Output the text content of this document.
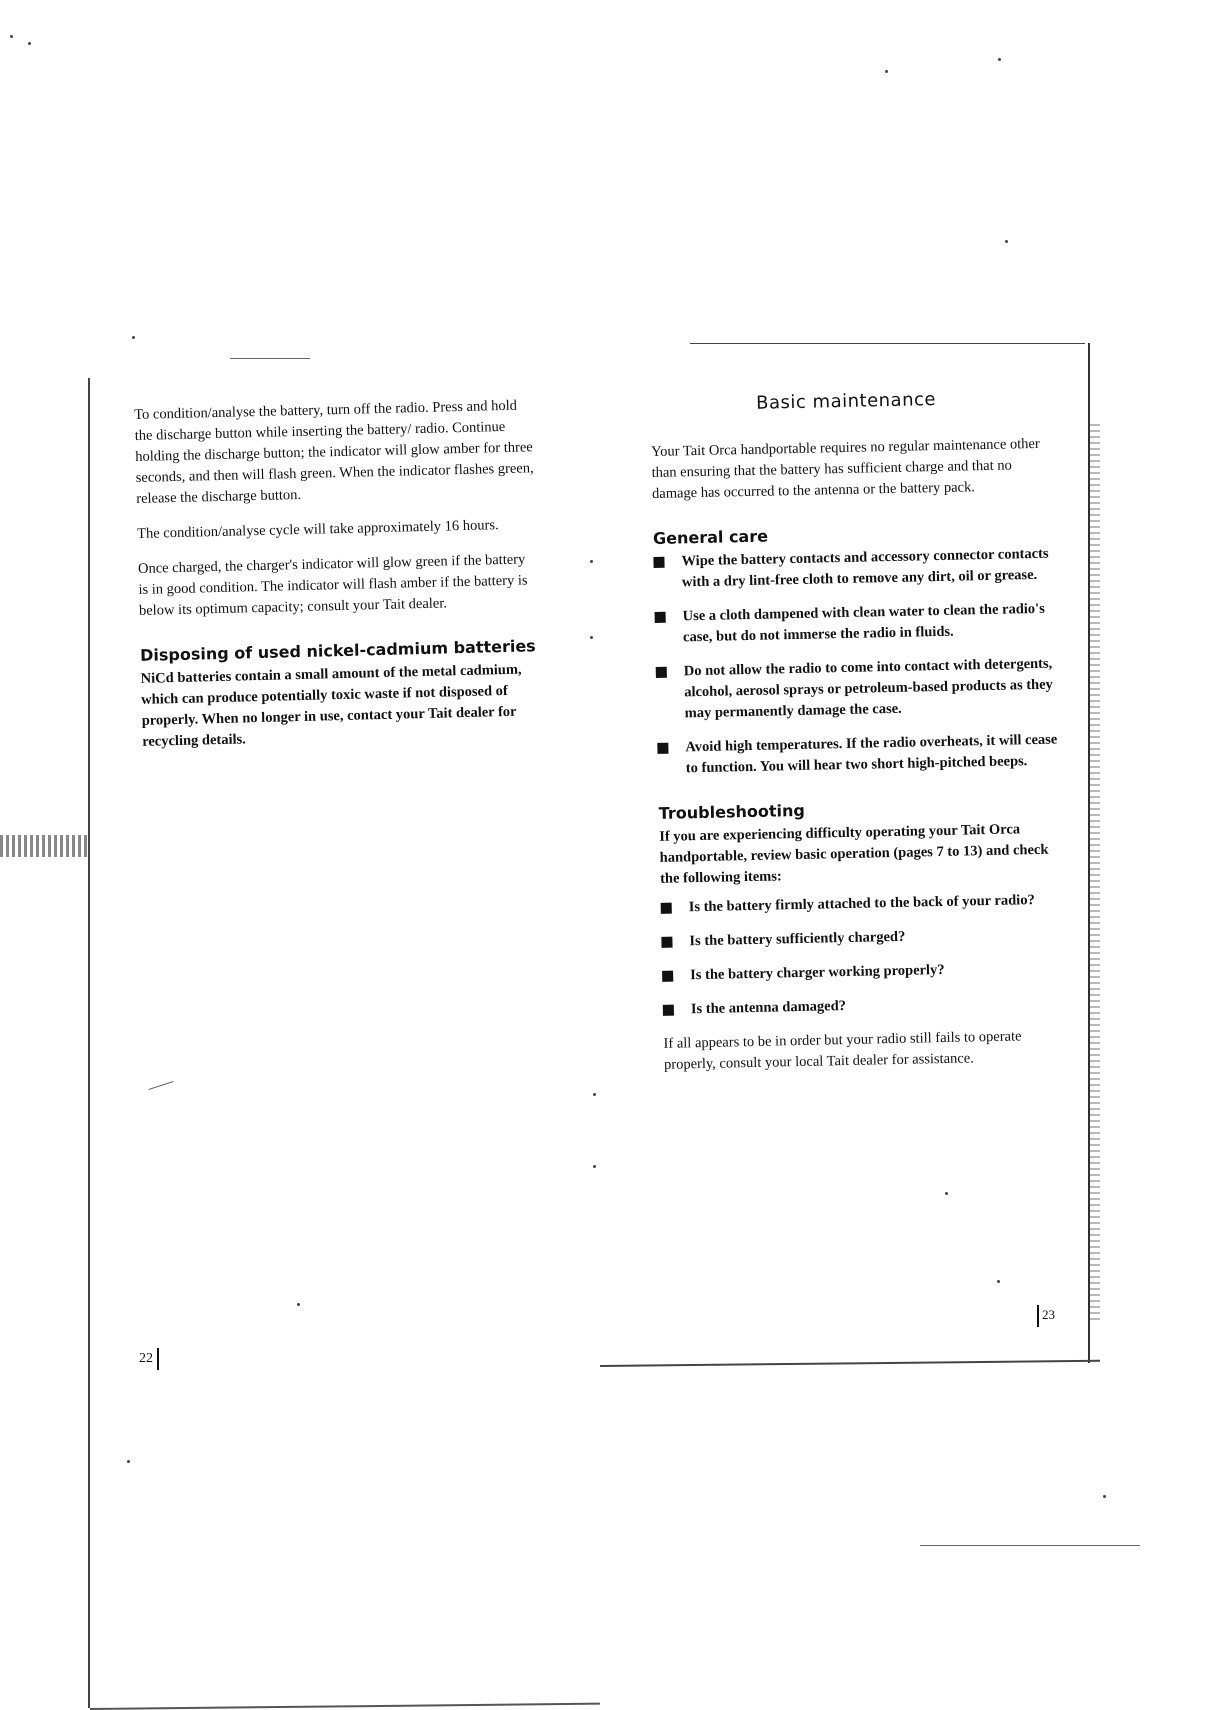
To condition/analyse the battery, turn off the radio. Press and hold the discharge button while inserting the battery/ radio. Continue holding the discharge button; the indicator will glow amber for three seconds, and then will flash green. When the indicator flashes green, release the discharge button.

The condition/analyse cycle will take approximately 16 hours.

Once charged, the charger's indicator will glow green if the battery is in good condition. The indicator will flash amber if the battery is below its optimum capacity; consult your Tait dealer.

Disposing of used nickel-cadmium batteries

NiCd batteries contain a small amount of the metal cadmium, which can produce potentially toxic waste if not disposed of properly. When no longer in use, contact your Tait dealer for recycling details.

22
Basic maintenance

Your Tait Orca handportable requires no regular maintenance other than ensuring that the battery has sufficient charge and that no damage has occurred to the antenna or the battery pack.

General care
Wipe the battery contacts and accessory connector contacts with a dry lint-free cloth to remove any dirt, oil or grease.
Use a cloth dampened with clean water to clean the radio's case, but do not immerse the radio in fluids.
Do not allow the radio to come into contact with detergents, alcohol, aerosol sprays or petroleum-based products as they may permanently damage the case.
Avoid high temperatures. If the radio overheats, it will cease to function. You will hear two short high-pitched beeps.
Troubleshooting

If you are experiencing difficulty operating your Tait Orca handportable, review basic operation (pages 7 to 13) and check the following items:

Is the battery firmly attached to the back of your radio?
Is the battery sufficiently charged?
Is the battery charger working properly?
Is the antenna damaged?

If all appears to be in order but your radio still fails to operate properly, consult your local Tait dealer for assistance.

23
